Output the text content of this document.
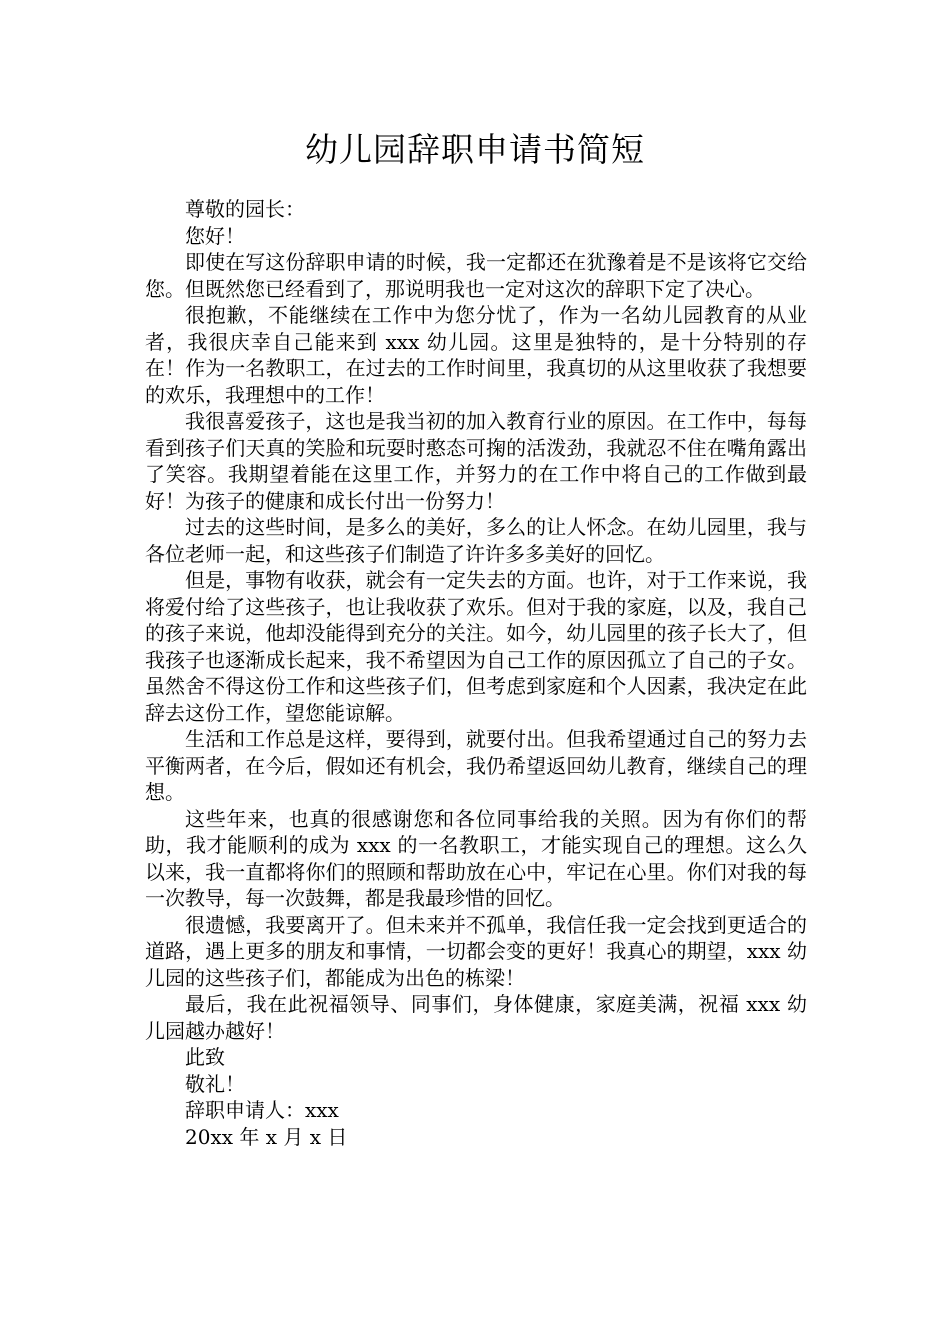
幼儿园辞职申请书简短

尊敬的园长：

您好！

即使在写这份辞职申请的时候，我一定都还在犹豫着是不是该将它交给您。但既然您已经看到了，那说明我也一定对这次的辞职下定了决心。

很抱歉，不能继续在工作中为您分忧了，作为一名幼儿园教育的从业者，我很庆幸自己能来到 xxx 幼儿园。这里是独特的，是十分特别的存在！作为一名教职工，在过去的工作时间里，我真切的从这里收获了我想要的欢乐，我理想中的工作！

我很喜爱孩子，这也是我当初的加入教育行业的原因。在工作中，每每看到孩子们天真的笑脸和玩耍时憨态可掬的活泼劲，我就忍不住在嘴角露出了笑容。我期望着能在这里工作，并努力的在工作中将自己的工作做到最好！为孩子的健康和成长付出一份努力！

过去的这些时间，是多么的美好，多么的让人怀念。在幼儿园里，我与各位老师一起，和这些孩子们制造了许许多多美好的回忆。

但是，事物有收获，就会有一定失去的方面。也许，对于工作来说，我将爱付给了这些孩子，也让我收获了欢乐。但对于我的家庭，以及，我自己的孩子来说，他却没能得到充分的关注。如今，幼儿园里的孩子长大了，但我孩子也逐渐成长起来，我不希望因为自己工作的原因孤立了自己的子女。虽然舍不得这份工作和这些孩子们，但考虑到家庭和个人因素，我决定在此辞去这份工作，望您能谅解。

生活和工作总是这样，要得到，就要付出。但我希望通过自己的努力去平衡两者，在今后，假如还有机会，我仍希望返回幼儿教育，继续自己的理想。

这些年来，也真的很感谢您和各位同事给我的关照。因为有你们的帮助，我才能顺利的成为 xxx 的一名教职工，才能实现自己的理想。这么久以来，我一直都将你们的照顾和帮助放在心中，牢记在心里。你们对我的每一次教导，每一次鼓舞，都是我最珍惜的回忆。

很遗憾，我要离开了。但未来并不孤单，我信任我一定会找到更适合的道路，遇上更多的朋友和事情，一切都会变的更好！我真心的期望，xxx 幼儿园的这些孩子们，都能成为出色的栋梁！

最后，我在此祝福领导、同事们，身体健康，家庭美满，祝福 xxx 幼儿园越办越好！

此致

敬礼！

辞职申请人：xxx

20xx 年 x 月 x 日
